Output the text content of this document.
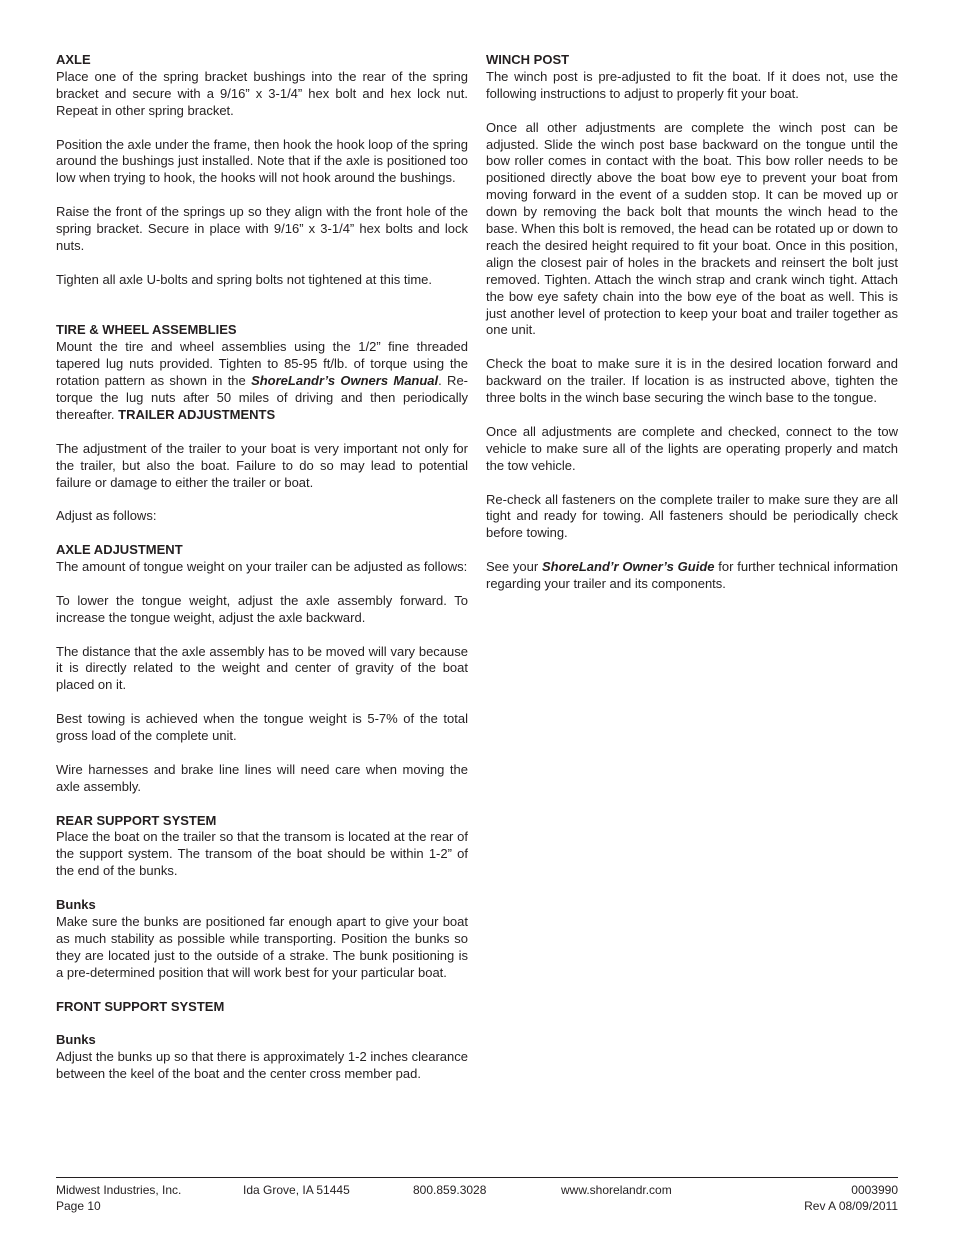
AXLE

Place one of the spring bracket bushings into the rear of the spring bracket and secure with a 9/16” x 3-1/4” hex bolt and hex lock nut. Repeat in other spring bracket.

Position the axle under the frame, then hook the hook loop of the spring around the bushings just installed. Note that if the axle is positioned too low when trying to hook, the hooks will not hook around the bushings.

Raise the front of the springs up so they align with the front hole of the spring bracket. Secure in place with 9/16” x 3-1/4” hex bolts and lock nuts.

Tighten all axle U-bolts and spring bolts not tightened at this time.

TIRE & WHEEL ASSEMBLIES

Mount the tire and wheel assemblies using the 1/2” fine threaded tapered lug nuts provided. Tighten to 85-95 ft/lb. of torque using the rotation pattern as shown in the ShoreLandr’s Owners Manual. Re-torque the lug nuts after 50 miles of driving and then periodically thereafter. TRAILER ADJUSTMENTS

The adjustment of the trailer to your boat is very important not only for the trailer, but also the boat. Failure to do so may lead to potential failure or damage to either the trailer or boat.

Adjust as follows:

AXLE ADJUSTMENT

The amount of tongue weight on your trailer can be adjusted as follows:

To lower the tongue weight, adjust the axle assembly forward. To increase the tongue weight, adjust the axle backward.

The distance that the axle assembly has to be moved will vary because it is directly related to the weight and center of gravity of the boat placed on it.

Best towing is achieved when the tongue weight is 5-7% of the total gross load of the complete unit.

Wire harnesses and brake line lines will need care when moving the axle assembly.

REAR SUPPORT SYSTEM

Place the boat on the trailer so that the transom is located at the rear of the support system. The transom of the boat should be within 1-2” of the end of the bunks.

Bunks

Make sure the bunks are positioned far enough apart to give your boat as much stability as possible while transporting. Position the bunks so they are located just to the outside of a strake. The bunk positioning is a pre-determined position that will work best for your particular boat.

FRONT SUPPORT SYSTEM
Bunks

Adjust the bunks up so that there is approximately 1-2 inches clearance between the keel of the boat and the center cross member pad.

WINCH POST

The winch post is pre-adjusted to fit the boat. If it does not, use the following instructions to adjust to properly fit your boat.

Once all other adjustments are complete the winch post can be adjusted. Slide the winch post base backward on the tongue until the bow roller comes in contact with the boat. This bow roller needs to be positioned directly above the boat bow eye to prevent your boat from moving forward in the event of a sudden stop. It can be moved up or down by removing the back bolt that mounts the winch head to the base. When this bolt is removed, the head can be rotated up or down to reach the desired height required to fit your boat. Once in this position, align the closest pair of holes in the brackets and reinsert the bolt just removed. Tighten. Attach the winch strap and crank winch tight. Attach the bow eye safety chain into the bow eye of the boat as well. This is just another level of protection to keep your boat and trailer together as one unit.

Check the boat to make sure it is in the desired location forward and backward on the trailer. If location is as instructed above, tighten the three bolts in the winch base securing the winch base to the tongue.

Once all adjustments are complete and checked, connect to the tow vehicle to make sure all of the lights are operating properly and match the tow vehicle.

Re-check all fasteners on the complete trailer to make sure they are all tight and ready for towing. All fasteners should be periodically check before towing.

See your ShoreLand’r Owner’s Guide for further technical information regarding your trailer and its components.

Midwest Industries, Inc.	Ida Grove, IA 51445	800.859.3028	www.shorelandr.com	0003990
Page 10	Rev A 08/09/2011
